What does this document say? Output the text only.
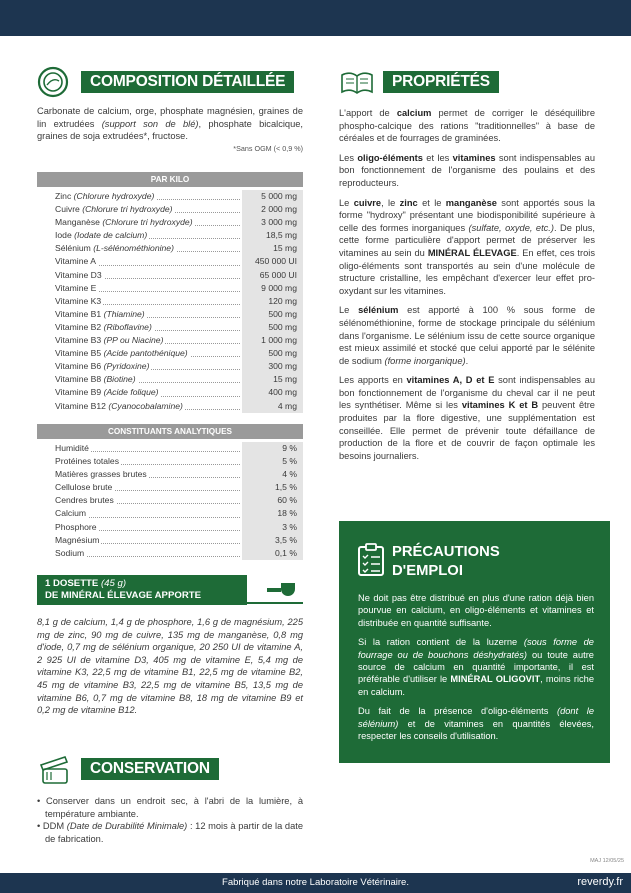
COMPOSITION DÉTAILLÉE
Carbonate de calcium, orge, phosphate magnésien, graines de lin extrudées (support son de blé), phosphate bicalcique, graines de soja extrudées*, fructose.
*Sans OGM (< 0,9 %)
PAR KILO
Zinc (Chlorure hydroxyde)	5 000 mg
Cuivre (Chlorure tri hydroxyde)	2 000 mg
Manganèse (Chlorure tri hydroxyde)	3 000 mg
Iode (Iodate de calcium)	18,5 mg
Sélénium (L-sélénométhionine)	15 mg
Vitamine A	450 000 UI
Vitamine D3	65 000 UI
Vitamine E	9 000 mg
Vitamine K3	120 mg
Vitamine B1 (Thiamine)	500 mg
Vitamine B2 (Riboflavine)	500 mg
Vitamine B3 (PP ou Niacine)	1 000 mg
Vitamine B5 (Acide pantothénique)	500 mg
Vitamine B6 (Pyridoxine)	300 mg
Vitamine B8 (Biotine)	15 mg
Vitamine B9 (Acide folique)	400 mg
Vitamine B12 (Cyanocobalamine)	4 mg
CONSTITUANTS ANALYTIQUES
Humidité	9 %
Protéines totales	5 %
Matières grasses brutes	4 %
Cellulose brute	1,5 %
Cendres brutes	60 %
Calcium	18 %
Phosphore	3 %
Magnésium	3,5 %
Sodium	0,1 %
1 DOSETTE (45 g)
DE MINÉRAL ÉLEVAGE APPORTE
8,1 g de calcium, 1,4 g de phosphore, 1,6 g de magnésium, 225 mg de zinc, 90 mg de cuivre, 135 mg de manganèse, 0,8 mg d'iode, 0,7 mg de sélénium organique, 20 250 UI de vitamine A, 2 925 UI de vitamine D3, 405 mg de vitamine E, 5,4 mg de vitamine K3, 22,5 mg de vitamine B1, 22,5 mg de vitamine B2, 45 mg de vitamine B3, 22,5 mg de vitamine B5, 13,5 mg de vitamine B6, 0,7 mg de vitamine B8, 18 mg de vitamine B9 et 0,2 mg de vitamine B12.
CONSERVATION
• Conserver dans un endroit sec, à l'abri de la lumière, à température ambiante.
• DDM (Date de Durabilité Minimale) : 12 mois à partir de la date de fabrication.
PROPRIÉTÉS
L'apport de calcium permet de corriger le déséquilibre phospho-calcique des rations "traditionnelles" à base de céréales et de fourrages de graminées.
Les oligo-éléments et les vitamines sont indispensables au bon fonctionnement de l'organisme des poulains et des reproducteurs.
Le cuivre, le zinc et le manganèse sont apportés sous la forme "hydroxy" présentant une biodisponibilité supérieure à celle des formes inorganiques (sulfate, oxyde, etc.). De plus, cette forme particulière d'apport permet de préserver les vitamines au sein du MINÉRAL ÉLEVAGE. En effet, ces trois oligo-éléments sont transportés au sein d'une molécule de structure cristalline, les empêchant d'exercer leur effet pro-oxydant sur les vitamines.
Le sélénium est apporté à 100 % sous forme de sélénométhionine, forme de stockage principale du sélénium dans l'organisme. Le sélénium issu de cette source organique est mieux assimilé et stocké que celui apporté par le sélénite de sodium (forme inorganique).
Les apports en vitamines A, D et E sont indispensables au bon fonctionnement de l'organisme du cheval car il ne peut les synthétiser. Même si les vitamines K et B peuvent être produites par la flore digestive, une supplémentation est conseillée. Elle permet de prévenir toute défaillance de production de la flore et de couvrir de façon optimale les besoins journaliers.
PRÉCAUTIONS
D'EMPLOI

Ne doit pas être distribué en plus d'une ration déjà bien pourvue en calcium, en oligo-éléments et vitamines et distribuée en quantité suffisante.

Si la ration contient de la luzerne (sous forme de fourrage ou de bouchons déshydratés) ou toute autre source de calcium en quantité importante, il est préférable d'utiliser le MINÉRAL OLIGOVIT, moins riche en calcium.

Du fait de la présence d'oligo-éléments (dont le sélénium) et de vitamines en quantités élevées, respecter les conseils d'utilisation.

MAJ 12/05/25
Fabriqué dans notre Laboratoire Vétérinaire.	reverdy.fr
